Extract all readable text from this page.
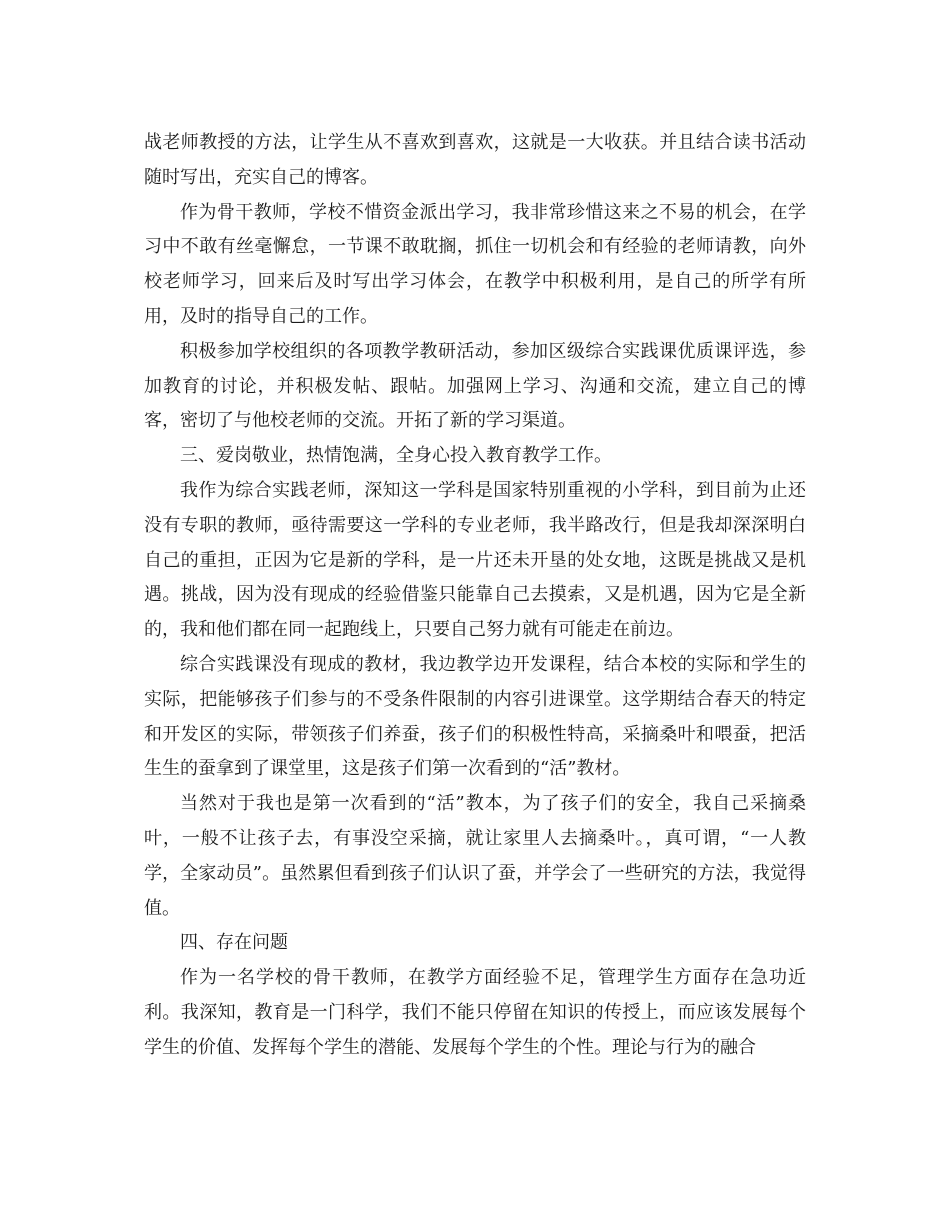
战老师教授的方法，让学生从不喜欢到喜欢，这就是一大收获。并且结合读书活动随时写出，充实自己的博客。

作为骨干教师，学校不惜资金派出学习，我非常珍惜这来之不易的机会，在学习中不敢有丝毫懈怠，一节课不敢耽搁，抓住一切机会和有经验的老师请教，向外校老师学习，回来后及时写出学习体会，在教学中积极利用，是自己的所学有所用，及时的指导自己的工作。

积极参加学校组织的各项教学教研活动，参加区级综合实践课优质课评选，参加教育的讨论，并积极发帖、跟帖。加强网上学习、沟通和交流，建立自己的博客，密切了与他校老师的交流。开拓了新的学习渠道。

三、爱岗敬业，热情饱满，全身心投入教育教学工作。

我作为综合实践老师，深知这一学科是国家特别重视的小学科，到目前为止还没有专职的教师，亟待需要这一学科的专业老师，我半路改行，但是我却深深明白自己的重担，正因为它是新的学科，是一片还未开垦的处女地，这既是挑战又是机遇。挑战，因为没有现成的经验借鉴只能靠自己去摸索，又是机遇，因为它是全新的，我和他们都在同一起跑线上，只要自己努力就有可能走在前边。

综合实践课没有现成的教材，我边教学边开发课程，结合本校的实际和学生的实际，把能够孩子们参与的不受条件限制的内容引进课堂。这学期结合春天的特定和开发区的实际，带领孩子们养蚕，孩子们的积极性特高，采摘桑叶和喂蚕，把活生生的蚕拿到了课堂里，这是孩子们第一次看到的“活”教材。

当然对于我也是第一次看到的“活”教本，为了孩子们的安全，我自己采摘桑叶，一般不让孩子去，有事没空采摘，就让家里人去摘桑叶。，真可谓，“一人教学，全家动员”。虽然累但看到孩子们认识了蚕，并学会了一些研究的方法，我觉得值。

四、存在问题

作为一名学校的骨干教师，在教学方面经验不足，管理学生方面存在急功近利。我深知，教育是一门科学，我们不能只停留在知识的传授上，而应该发展每个学生的价值、发挥每个学生的潜能、发展每个学生的个性。理论与行为的融合
